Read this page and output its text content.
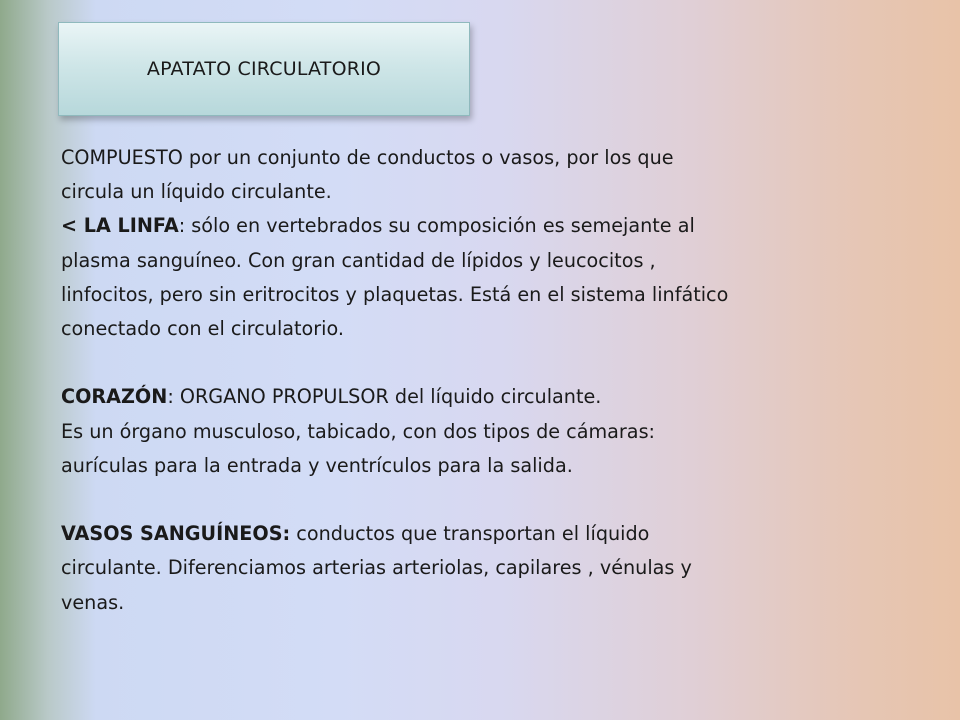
APATATO CIRCULATORIO

COMPUESTO por un conjunto de conductos o vasos, por los que

circula un líquido circulante.

< LA LINFA: sólo en vertebrados su composición es semejante al

plasma sanguíneo. Con gran cantidad de lípidos y leucocitos ,

linfocitos, pero sin eritrocitos y plaquetas. Está en el sistema linfático

conectado con el circulatorio.

CORAZÓN: ORGANO PROPULSOR del líquido circulante.

Es un órgano musculoso, tabicado, con dos tipos de cámaras:

aurículas para la entrada y ventrículos para la salida.

VASOS SANGUÍNEOS: conductos que transportan el líquido

circulante. Diferenciamos arterias arteriolas, capilares , vénulas y

venas.
